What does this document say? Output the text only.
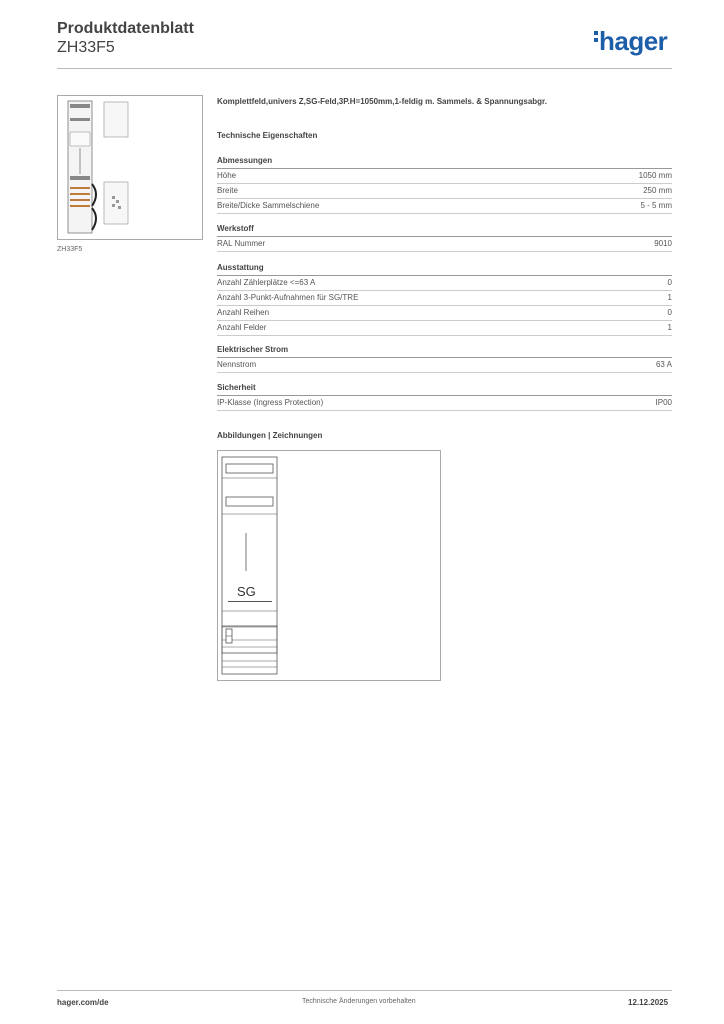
Produktdatenblatt
ZH33F5	hager
ZH33F5
Komplettfeld,univers Z,SG-Feld,3P.H=1050mm,1-feldig m. Sammels. & Spannungsabgr.
Technische Eigenschaften
Abmessungen
Höhe	1050 mm
Breite	250 mm
Breite/Dicke Sammelschiene	5 - 5 mm
Werkstoff
RAL Nummer	9010
Ausstattung
Anzahl Zählerplätze <=63 A	0
Anzahl 3-Punkt-Aufnahmen für SG/TRE	1
Anzahl Reihen	0
Anzahl Felder	1
Elektrischer Strom
Nennstrom	63 A
Sicherheit
IP-Klasse (Ingress Protection)	IP00
Abbildungen | Zeichnungen
SG
hager.com/de	Technische Änderungen vorbehalten	12.12.2025
